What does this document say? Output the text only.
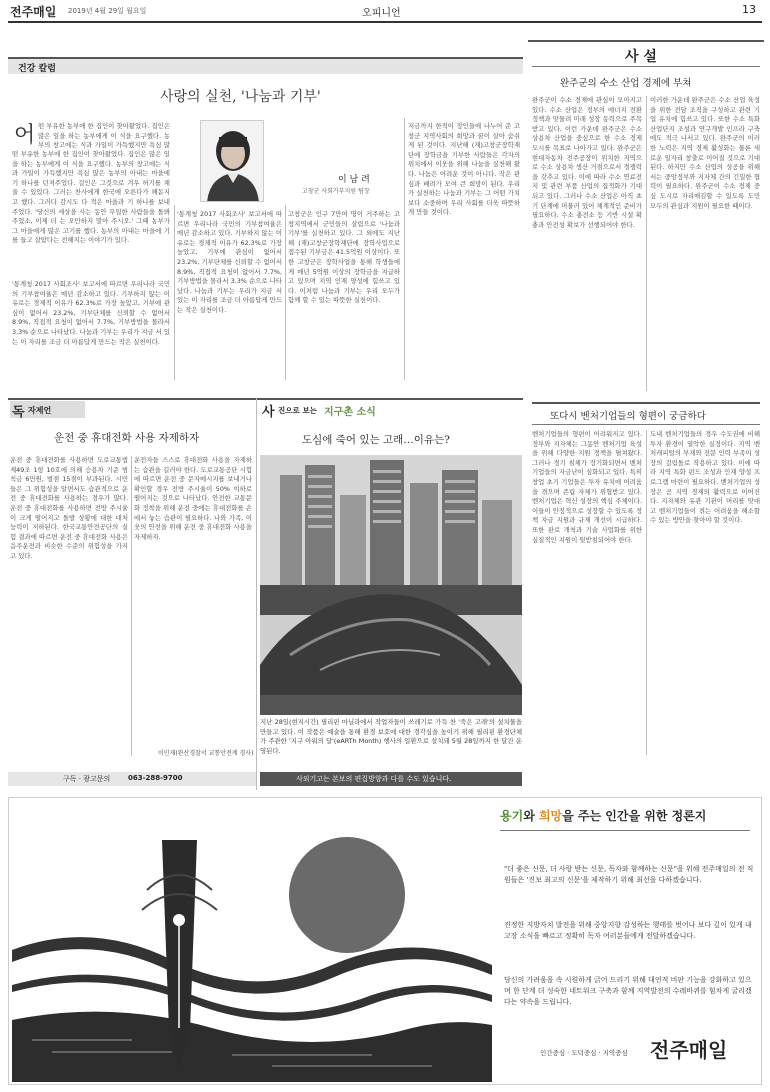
전주매일 2019년 4월 29일 월요일	오피니언	13
건강 칼럼
사랑의 실천, '나눔과 기부'
어 떤 부유한 농부에 한 집인이 찾아왔었다. 집인은 많은 일을 하는 농부에게 이 식을 요구했다. 농부의 창고에는 식과 가일이 가득했지만 욕심 많
떤 부유한 농부에 한 집인이 찾아왔었다. 집인은 많은 일을 하는 농부에게 이 식을 요구했다. 농부의 창고에는 식과 가일이 가득했지만 욕심 많은 농부의 아내는 마을에 기 하나를 던져주었다. 걸인은 그것으로 겨우 허기를 채울 수 있었다. 그러는 찬사에게 한국에 오른다가 해돋지고 했다. 그러다 감시도 다 적은 마을과 기 하나를 보내 주었다. '당신의 세상을 사는 동안 무일한 사람들을 돌봐주었소, 이제 더 는 오만하지 말아 주시오.' 그때 농부가 그 마을에게 많은 고기를 했다. 농부의 아내는 마을에 기를 들고 살았다는 전해지는 이야기가 있다.
'통계청 2017 사회조사' 보고서에 따르면 우리나라 국민의 기부참여율은 매년 감소하고 있다. 기부하지 않는 이유로는 경제적 이유가 62.3%로 가장 높았고, 기부에 관심이 없어서 23.2%, 기부단체를 신뢰할 수 없어서 8.9%, 직접적 요청이 없어서 7.7%, 기부방법을 몰라서 3.3% 순으로 나타났다. 나눔과 기부는 우리가 지금 서 있는 이 자리를 조금 더 아름답게 만드는 작은 실천이다.
이 남 려
고창군 사회가부지원 팀장
'통계청 2017 사회조사' 보고서에 따르면 우리나라 국민의 기부참여율은 매년 감소하고 있다. 기부하지 않는 이유로는 경제적 이유가 62.3%로 가장 높았고, 기부에 관심이 없어서 23.2%, 기부단체를 신뢰할 수 없어서 8.9%, 직접적 요청이 없어서 7.7%, 기부방법을 몰라서 3.3% 순으로 나타났다. 나눔과 기부는 우리가 지금 서 있는 이 자리를 조금 더 아름답게 만드는 작은 실천이다.
고창군은 인구 7만여 명이 거주하는 고창지역에서 군민들의 살림으로 '나눔과 기부'를 실천하고 있다. 그 외에도 지난해 (재)고창군장학재단에 장학사업으로 접수된 기부금은 41.5억원 이상이다. 또한 고창군은 장학사업을 통해 학생들에게 매년 5억원 이상의 장학금을 지급하고 있으며 지역 인재 양성에 힘쓰고 있다. 이처럼 나눔과 기부는 우리 모두가 함께 할 수 있는 따뜻한 실천이다.
지금까지 한적이 장인들에 나누어 준 고창군 지역사회의 희망과 꿈이 살아 숨쉬게 된 것이다. 지난해 (재)고창군장학재단에 장학금을 기부한 사람들은 각자의 위치에서 이웃을 위해 나눔을 실천해 왔다. 나눔은 어려운 것이 아니다. 작은 관심과 배려가 모여 큰 희망이 된다. 우리가 실천하는 나눔과 기부는 그 어떤 가치보다 소중하며 우리 사회를 더욱 따뜻하게 만들 것이다.
사 설
완주군의 수소 산업 경제에 부쳐
완주군이 수소 경제에 관심이 모아지고 있다. 수소 산업은 정부의 에너지 전환 정책과 맞물려 미래 성장 동력으로 주목받고 있다. 이런 가운데 완주군은 수소 상용차 산업을 중심으로 한 수소 경제 도시를 목표로 나아가고 있다. 완주군은 현대자동차 전주공장이 위치한 지역으로 수소 상용차 생산 거점으로서 경쟁력을 갖추고 있다. 이에 따라 수소 연료전지 및 관련 부품 산업의 집적화가 기대되고 있다. 그러나 수소 산업은 아직 초기 단계에 머물러 있어 체계적인 준비가 필요하다. 수소 충전소 등 기반 시설 확충과 안전성 확보가 선행되어야 한다.
이러한 가운데 완주군은 수소 산업 육성을 위한 전담 조직을 구성하고 관련 기업 유치에 힘쓰고 있다. 또한 수소 특화 산업단지 조성과 연구개발 인프라 구축에도 적극 나서고 있다. 완주군의 이러한 노력은 지역 경제 활성화는 물론 새로운 일자리 창출로 이어질 것으로 기대된다. 하지만 수소 산업의 성공을 위해서는 중앙정부와 지자체 간의 긴밀한 협력이 필요하다. 완주군이 수소 경제 중심 도시로 자리매김할 수 있도록 도민 모두의 관심과 지원이 필요한 때이다.
또다시 벤처기업들의 형편이 궁금하다
벤처기업들의 형편이 어려워지고 있다. 정부와 지자체는 그동안 벤처기업 육성을 위해 다양한 지원 정책을 펼쳐왔다. 그러나 경기 침체가 장기화되면서 벤처기업들의 자금난이 심화되고 있다. 특히 창업 초기 기업들은 투자 유치에 어려움을 겪으며 존립 자체가 위협받고 있다. 벤처기업은 혁신 성장의 핵심 주체이다. 이들이 안정적으로 성장할 수 있도록 정책 자금 지원과 규제 개선이 시급하다. 또한 판로 개척과 기술 사업화를 위한 실질적인 지원이 뒷받침되어야 한다.
도내 벤처기업들의 경우 수도권에 비해 투자 환경이 열악한 실정이다. 지역 벤처캐피털의 부재와 전문 인력 부족이 성장의 걸림돌로 작용하고 있다. 이에 따라 지역 특화 펀드 조성과 인재 양성 프로그램 마련이 필요하다. 벤처기업의 성장은 곧 지역 경제의 활력으로 이어진다. 지자체와 유관 기관이 머리를 맞대고 벤처기업들이 겪는 어려움을 해소할 수 있는 방안을 찾아야 할 것이다.
독 자제언
운전 중 휴대전화 사용 자제하자
운전 중 휴대전화를 사용하면 도로교통법 제49조 1항 10호에 의해 승용차 기준 범칙금 6만원, 벌점 15점이 부과된다. 시민들은 그 위험성을 알면서도 습관적으로 운전 중 휴대전화를 사용하는 경우가 많다. 운전 중 휴대전화를 사용하면 전방 주시율이 크게 떨어지고 돌발 상황에 대한 대처 능력이 저하된다. 한국교통안전공단의 실험 결과에 따르면 운전 중 휴대전화 사용은 음주운전과 비슷한 수준의 위험성을 가지고 있다.
운전자들 스스로 휴대전화 사용을 자제하는 습관을 길러야 한다. 도로교통공단 시험에 따르면 운전 중 문자메시지를 보내거나 확인할 경우 전방 주시율이 50% 이하로 떨어지는 것으로 나타났다. 안전한 교통문화 정착을 위해 운전 중에는 휴대전화를 손에서 놓는 습관이 필요하다. 나와 가족, 이웃의 안전을 위해 운전 중 휴대전화 사용을 자제하자.
이민재(완산경찰서 교통안전계 경사)
사 진으로 보는 지구촌 소식
도심에 죽어 있는 고래…이유는?
지난 28일(현지시간) 필리핀 마닐라에서 작업자들이 쓰레기로 가득 찬 '죽은 고래'의 설치물을 만들고 있다. 이 작품은 예술을 통해 환경 보호에 대한 경각심을 높이기 위해 필리핀 환경단체가 주관한 '지구 아워의 달'(eARTh Month) 행사의 일환으로 설치돼 5월 28일까지 한 달간 운영된다.
구독 · 광고문의	063-288-9700	사외기고는 본보의 편집방향과 다를 수도 있습니다.
용기와 희망을 주는 인간을 위한 정론지
"더 좋은 신문, 더 사랑 받는 신문, 독자와 함께하는 신문"을 위해 전주매일의 전 직원들은 '진보 최고의 신문'을 제작하기 위해 최선을 다하겠습니다.
진정한 지방자치 발전을 위해 중앙지향 감성하는 행태를 벗어나 보다 깊이 있게 내 고장 소식을 빠르고 정확히 독자 여러분들에게 전달하겠습니다.
당신의 가려움을 속 시원하게 긁어 드리기 위해 대언적 비판 기능을 강화하고 있으며 한 단계 더 성숙한 네트워크 구축과 함께 지역발전의 수레바퀴를 힘차게 굴리겠다는 약속을 드립니다.
인간중심 · 도덕중심 · 지역중심 전주매일
